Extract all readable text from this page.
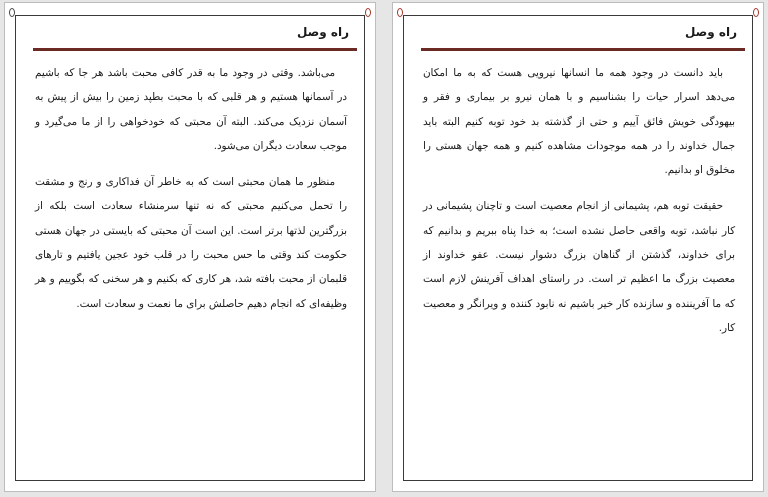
راه وصل

می‌باشد. وقتی در وجود ما به قدر کافی محبت باشد هر جا که باشیم در آسمانها هستیم و هر قلبی که با محبت بطپد زمین را بیش از پیش به آسمان نزدیک می‌کند. البته آن محبتی که خودخواهی را از ما می‌گیرد و موجب سعادت دیگران می‌شود.

منظور ما همان محبتی است که به خاطر آن فداکاری و رنج و مشقت را تحمل می‌کنیم محبتی که نه تنها سرمنشاء سعادت است بلکه از بزرگترین لذتها برتر است. این است آن محبتی که بایستی در جهان هستی حکومت کند وقتی ما حس محبت را در قلب خود عجین یافتیم و تارهای قلبمان از محبت بافته شد، هر کاری که بکنیم و هر سخنی که بگوییم و هر وظیفه‌ای که انجام دهیم حاصلش برای ما نعمت و سعادت است.

راه وصل

باید دانست در وجود همه ما انسانها نیرویی هست که به ما امکان می‌دهد اسرار حیات را بشناسیم و با همان نیرو بر بیماری و فقر و بیهودگی خویش فائق آییم و حتی از گذشته بد خود توبه کنیم البته باید جمال خداوند را در همه موجودات مشاهده کنیم و همه جهان هستی را مخلوق او بدانیم.

حقیقت توبه هم، پشیمانی از انجام معصیت است و تاچنان پشیمانی در کار نباشد، توبه واقعی حاصل نشده است؛ به خدا پناه ببریم و بدانیم که برای خداوند، گذشتن از گناهان بزرگ دشوار نیست. عفو خداوند از معصیت بزرگ ما اعظیم تر است. در راستای اهداف آفرینش لازم است که ما آفریننده و سازنده کار خیر باشیم نه نابود کننده و ویرانگر و معصیت کار.
